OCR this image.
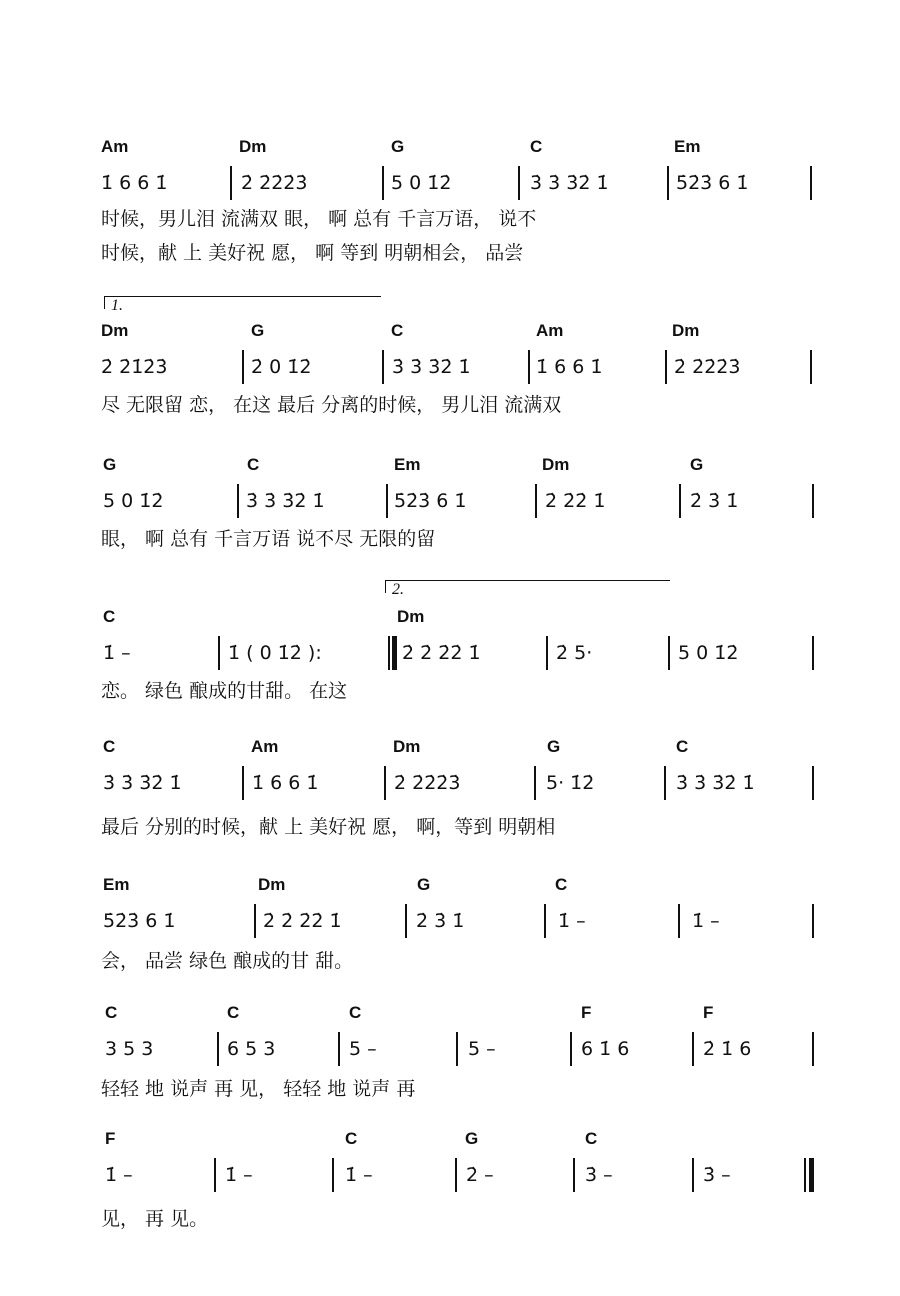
Am	Dm	G	C	Em
1̇ 6 6 1̇	2̇ 2̇2̇2̇3̇	5 0 1̇2̇	3̇ 3̇ 3̇2̇ 1̇	5̇2̇3̇ 6 1̇
时候，男儿泪 流满双 眼， 啊 总有 千言万语， 说不
时候，献 上 美好祝 愿， 啊 等到 明朝相会， 品尝
1.
Dm	G	C	Am	Dm
2̇ 2̇1̇2̇3̇	2̇ 0 1̇2̇	3̇ 3̇ 3̇2̇ 1̇	1̇ 6 6 1̇	2̇ 2̇2̇2̇3̇
尽 无限留 恋， 在这 最后 分离的时候， 男儿泪 流满双
G	C	Em	Dm	G
5 0 1̇2̇	3̇ 3̇ 3̇2̇ 1̇	5̇2̇3̇ 6 1̇	2̇ 2̇2̇ 1̇	2̇ 3̇ 1̇
眼， 啊 总有 千言万语 说不尽 无限的留
2.
C	Dm
1̇ –	1̇ ( 0 1̇2̇ ):	2̇ 2̇ 2̇2̇ 1̇	2̇ 5·	5 0 1̇2̇
恋。 绿色 酿成的甘甜。 在这
C	Am	Dm	G	C
3̇ 3̇ 3̇2̇ 1̇	1̇ 6 6 1̇	2̇ 2̇2̇2̇3̇	5· 1̇2̇	3̇ 3̇ 3̇2̇ 1̇
最后 分别的时候，献 上 美好祝 愿， 啊，等到 明朝相
Em	Dm	G	C
5̇2̇3̇ 6 1̇	2̇ 2̇ 2̇2̇ 1̇	2̇ 3̇ 1̇	1̇ –	1̇ –
会， 品尝 绿色 酿成的甘 甜。
C	C	C	F	F
3 5 3	6 5 3	5 –	5 –	6 1̇ 6	2̇ 1̇ 6
轻轻 地 说声 再 见， 轻轻 地 说声 再
F	C	G	C
1̇ –	1̇ –	1̇ –	2̇ –	3̇ –	3̇ –
见， 再 见。
